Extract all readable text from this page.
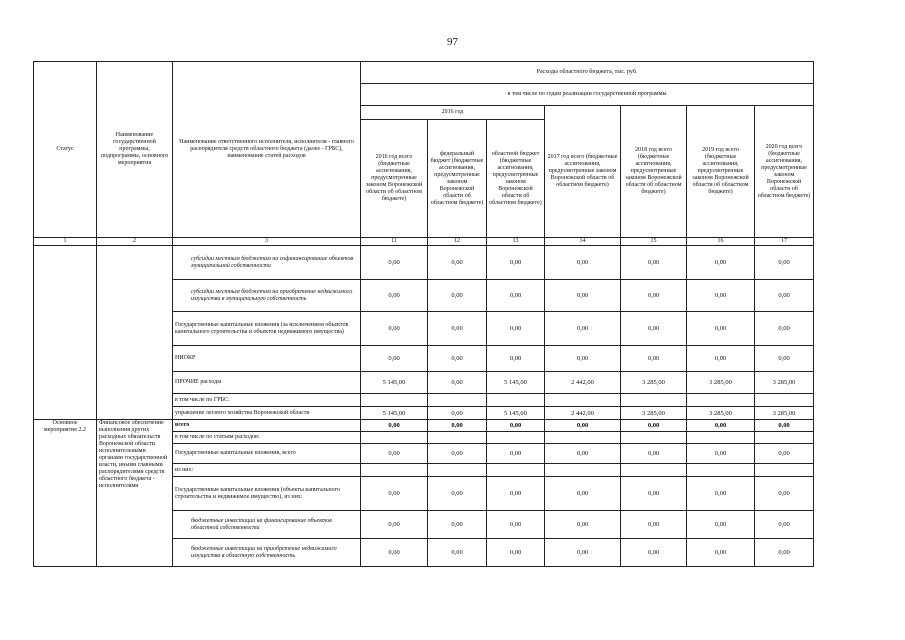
97
Статус	Наименование государственной программы, подпрограммы, основного мероприятия	Наименование ответственного исполнителя, исполнителя - главного распорядителя средств областного бюджета (далее - ГРБС), наименование статей расходов	Расходы областного бюджета, тыс. руб.						
			в том числе по годам реализации государственной программы						
			2016 год			2017 год всего (бюджетные ассигнования, предусмотренные законом Воронежской области об областном бюджете)	2018 год всего (бюджетные ассигнования, предусмотренные законом Воронежской области об областном бюджете)	2019 год всего (бюджетные ассигнования, предусмотренные законом Воронежской области об областном бюджете)	2020 год всего (бюджетные ассигнования, предусмотренные законом Воронежской области об областном бюджете)
			2016 год всего (бюджетные ассигнования, предусмотренные законом Воронежской области об областном бюджете)	федеральный бюджет (бюджетные ассигнования, предусмотренные законом Воронежской области об областном бюджете)	областной бюджет (бюджетные ассигнования, предусмотренные законом Воронежской области об областном бюджете)				
1	2	3	11	12	13	14	15	16	17
		субсидии местным бюджетам на софинансирование объектов муниципальной собственности	0,00	0,00	0,00	0,00	0,00	0,00	0,00
		субсидии местным бюджетам на приобретение недвижимого имущества в муниципальную собственность	0,00	0,00	0,00	0,00	0,00	0,00	0,00
		Государственные капитальные вложения (за исключением объектов капитального строительства и объектов недвижимого имущества)	0,00	0,00	0,00	0,00	0,00	0,00	0,00
		НИОКР	0,00	0,00	0,00	0,00	0,00	0,00	0,00
		ПРОЧИЕ расходы	5 145,00	0,00	5 145,00	2 442,00	3 285,00	3 285,00	3 285,00
		в том числе по ГРБС:							
		управление лесного хозяйства Воронежской области	5 145,00	0,00	5 145,00	2 442,00	3 285,00	3 285,00	3 285,00
Основное мероприятие 2.2	Финансовое обеспечение выполнения других расходных обязательств Воронежской области исполнительными органами государственной власти, иными главными распорядителями средств областного бюджета - исполнителями	всего	0,00	0,00	0,00	0,00	0,00	0,00	0,00
		в том числе по статьям расходов:							
		Государственные капитальные вложения, всего	0,00	0,00	0,00	0,00	0,00	0,00	0,00
		из них:							
		Государственные капитальные вложения (объекты капитального строительства и недвижимое имущество), из них:	0,00	0,00	0,00	0,00	0,00	0,00	0,00
		бюджетные инвестиции на финансирование объектов областной собственности	0,00	0,00	0,00	0,00	0,00	0,00	0,00
		бюджетные инвестиции на приобретение недвижимого имущества в областную собственность	0,00	0,00	0,00	0,00	0,00	0,00	0,00
